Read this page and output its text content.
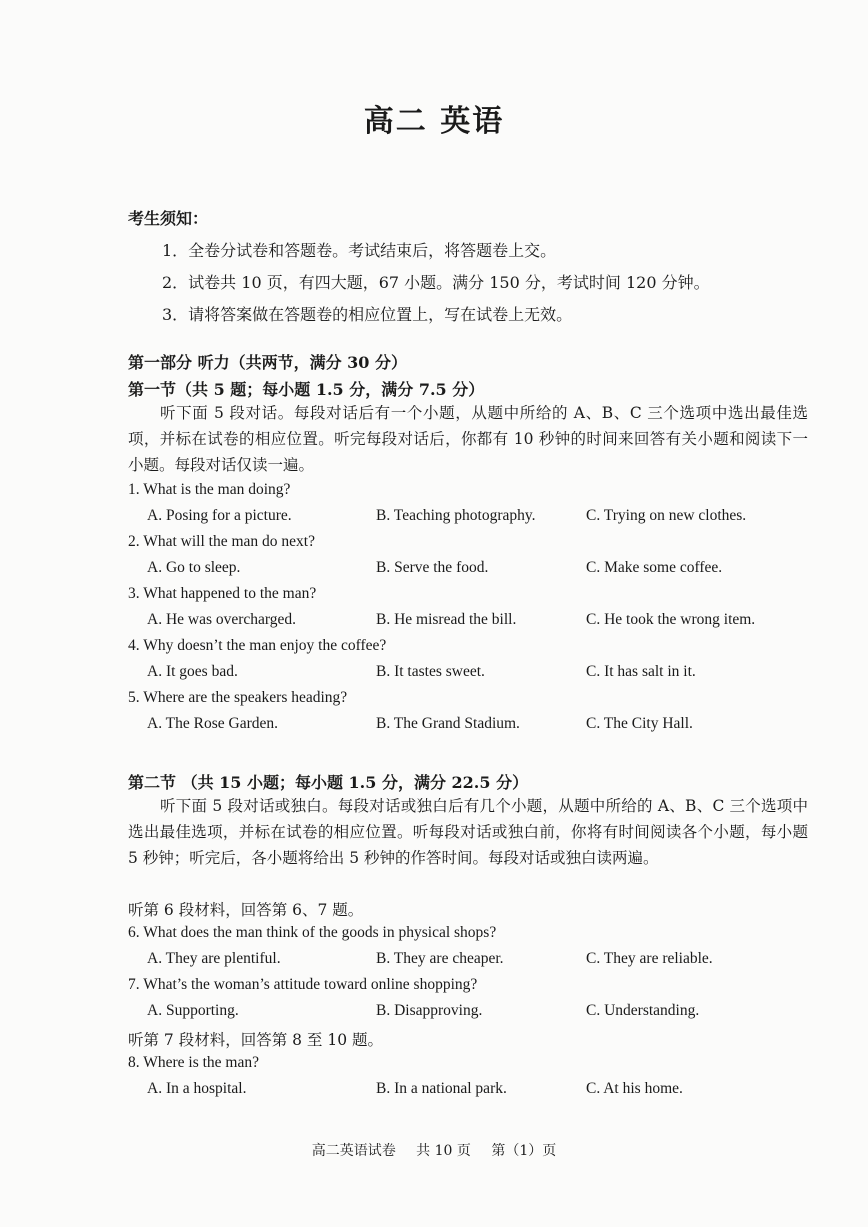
高二 英语
考生须知：
1．全卷分试卷和答题卷。考试结束后，将答题卷上交。
2．试卷共 10 页，有四大题，67 小题。满分 150 分，考试时间 120 分钟。
3．请将答案做在答题卷的相应位置上，写在试卷上无效。
第一部分 听力（共两节，满分 30 分）
第一节（共 5 题；每小题 1.5 分，满分 7.5 分）
听下面 5 段对话。每段对话后有一个小题，从题中所给的 A、B、C 三个选项中选出最佳选项，并标在试卷的相应位置。听完每段对话后，你都有 10 秒钟的时间来回答有关小题和阅读下一小题。每段对话仅读一遍。
1. What is the man doing?
A. Posing for a picture.	B. Teaching photography.	C. Trying on new clothes.
2. What will the man do next?
A. Go to sleep.	B. Serve the food.	C. Make some coffee.
3. What happened to the man?
A. He was overcharged.	B. He misread the bill.	C. He took the wrong item.
4. Why doesn’t the man enjoy the coffee?
A. It goes bad.	B. It tastes sweet.	C. It has salt in it.
5. Where are the speakers heading?
A. The Rose Garden.	B. The Grand Stadium.	C. The City Hall.
第二节 （共 15 小题；每小题 1.5 分，满分 22.5 分）
听下面 5 段对话或独白。每段对话或独白后有几个小题，从题中所给的 A、B、C 三个选项中选出最佳选项，并标在试卷的相应位置。听每段对话或独白前，你将有时间阅读各个小题，每小题 5 秒钟；听完后，各小题将给出 5 秒钟的作答时间。每段对话或独白读两遍。
听第 6 段材料，回答第 6、7 题。
6. What does the man think of the goods in physical shops?
A. They are plentiful.	B. They are cheaper.	C. They are reliable.
7. What’s the woman’s attitude toward online shopping?
A. Supporting.	B. Disapproving.	C. Understanding.
听第 7 段材料，回答第 8 至 10 题。
8. Where is the man?
A. In a hospital.	B. In a national park.	C. At his home.
高二英语试卷 共 10 页 第（1）页
